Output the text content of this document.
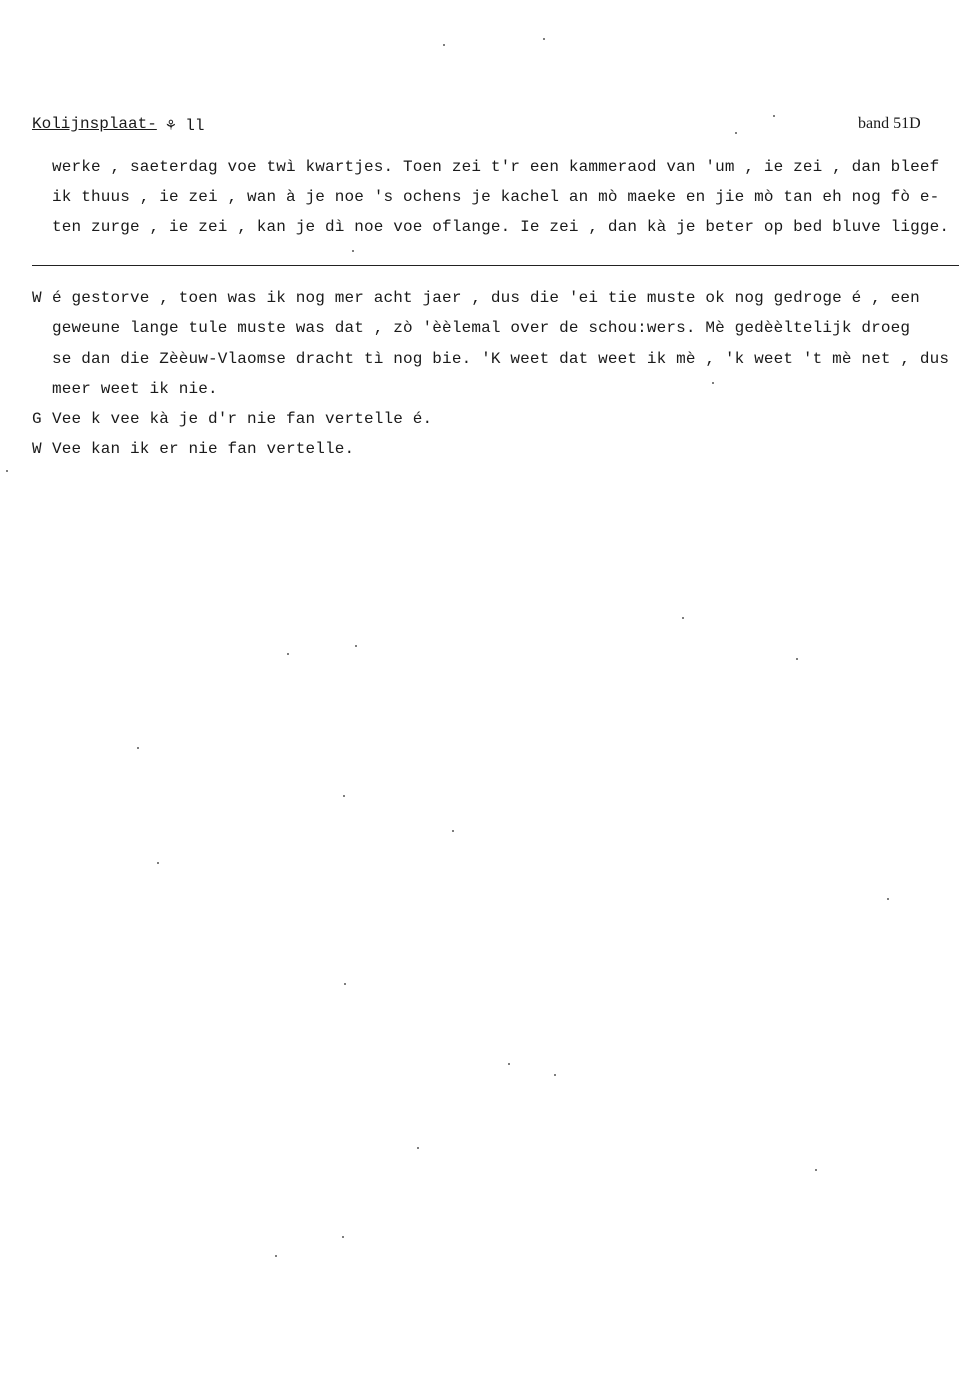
Kolijnsplaat- ⚘ ll	band 51D
werke , saeterdag voe twì kwartjes. Toen zei t'r een kammeraod van 'um , ie zei , dan bleef
ik thuus , ie zei , wan à je noe 's ochens je kachel an mò maeke en jie mò tan eh nog fò e-
ten zurge , ie zei , kan je dì noe voe oflange. Ie zei , dan kà je beter op bed bluve ligge.
W é gestorve , toen was ik nog mer acht jaer , dus die 'ei tie muste ok nog gedroge é , een
geweune lange tule muste was dat , zò 'èèlemal over de schou:wers. Mè gedèèltelijk droeg
se dan die Zèèuw-Vlaomse dracht tì nog bie. 'K weet dat weet ik mè , 'k weet 't mè net , dus
meer weet ik nie.
G Vee k vee kà je d'r nie fan vertelle é.
W Vee kan ik er nie fan vertelle.
